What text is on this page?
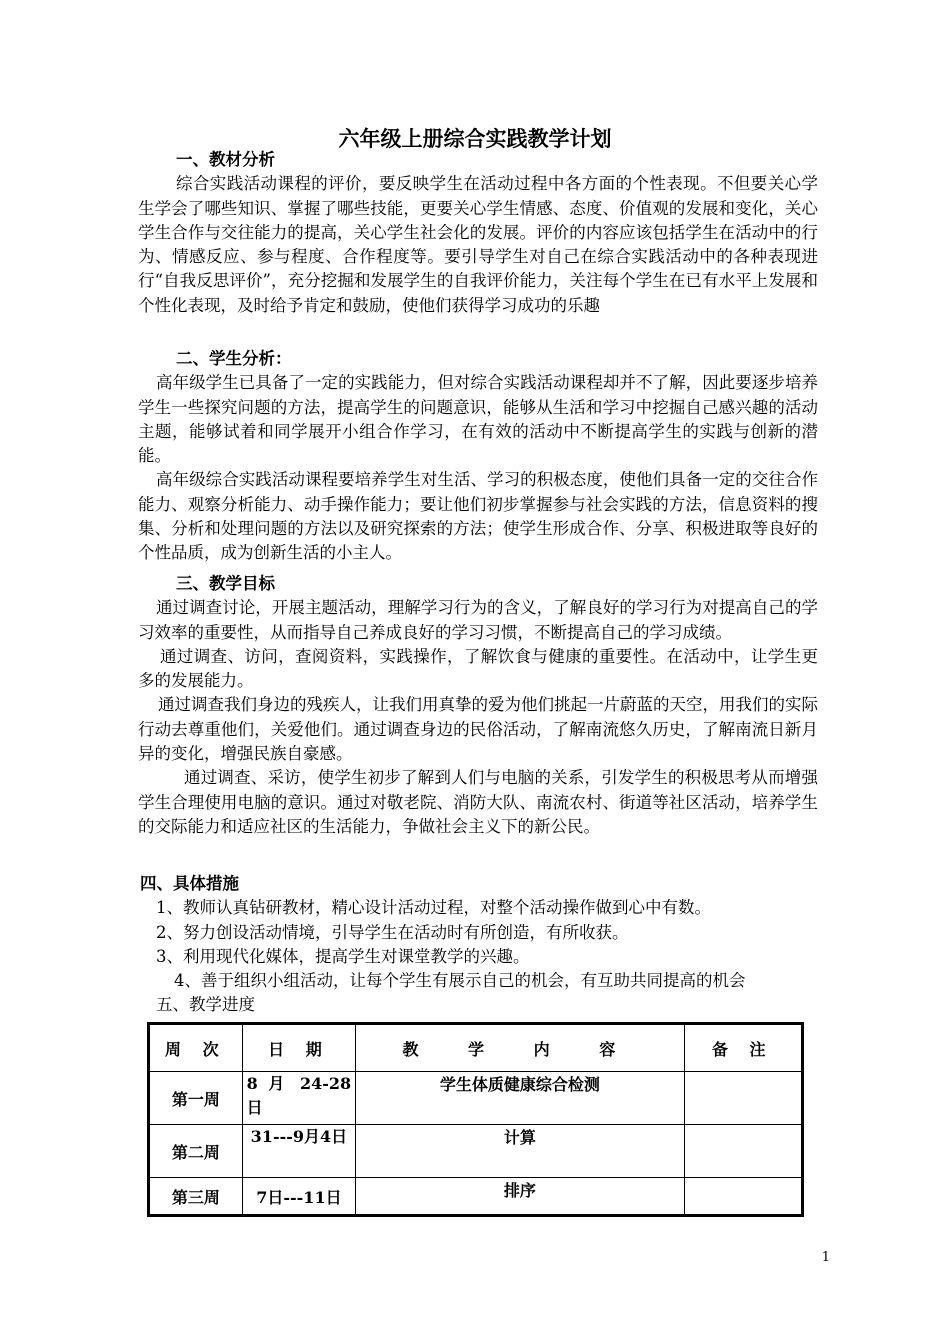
六年级上册综合实践教学计划

一、教材分析

综合实践活动课程的评价，要反映学生在活动过程中各方面的个性表现。不但要关心学生学会了哪些知识、掌握了哪些技能，更要关心学生情感、态度、价值观的发展和变化，关心学生合作与交往能力的提高，关心学生社会化的发展。评价的内容应该包括学生在活动中的行为、情感反应、参与程度、合作程度等。要引导学生对自己在综合实践活动中的各种表现进行“自我反思评价”，充分挖掘和发展学生的自我评价能力，关注每个学生在已有水平上发展和个性化表现，及时给予肯定和鼓励，使他们获得学习成功的乐趣

二、学生分析：

高年级学生已具备了一定的实践能力，但对综合实践活动课程却并不了解，因此要逐步培养学生一些探究问题的方法，提高学生的问题意识，能够从生活和学习中挖掘自己感兴趣的活动主题，能够试着和同学展开小组合作学习，在有效的活动中不断提高学生的实践与创新的潜能。

高年级综合实践活动课程要培养学生对生活、学习的积极态度，使他们具备一定的交往合作能力、观察分析能力、动手操作能力；要让他们初步掌握参与社会实践的方法，信息资料的搜集、分析和处理问题的方法以及研究探索的方法；使学生形成合作、分享、积极进取等良好的个性品质，成为创新生活的小主人。

三、教学目标

通过调查讨论，开展主题活动，理解学习行为的含义，了解良好的学习行为对提高自己的学习效率的重要性，从而指导自己养成良好的学习习惯，不断提高自己的学习成绩。

通过调查、访问，查阅资料，实践操作，了解饮食与健康的重要性。在活动中，让学生更多的发展能力。

通过调查我们身边的残疾人，让我们用真挚的爱为他们挑起一片蔚蓝的天空，用我们的实际行动去尊重他们，关爱他们。通过调查身边的民俗活动，了解南流悠久历史，了解南流日新月异的变化，增强民族自豪感。

通过调查、采访，使学生初步了解到人们与电脑的关系，引发学生的积极思考从而增强学生合理使用电脑的意识。通过对敬老院、消防大队、南流农村、街道等社区活动，培养学生的交际能力和适应社区的生活能力，争做社会主义下的新公民。

四、具体措施

1、教师认真钻研教材，精心设计活动过程，对整个活动操作做到心中有数。

2、努力创设活动情境，引导学生在活动时有所创造，有所收获。

3、利用现代化媒体，提高学生对课堂教学的兴趣。

4、善于组织小组活动，让每个学生有展示自己的机会，有互助共同提高的机会

五、教学进度

周 次	日 期	教 学 内 容	备 注
第一周	8 月 24-28 日	学生体质健康综合检测	
第二周	31---9月4日	计算	
第三周	7日---11日	排序	
1
